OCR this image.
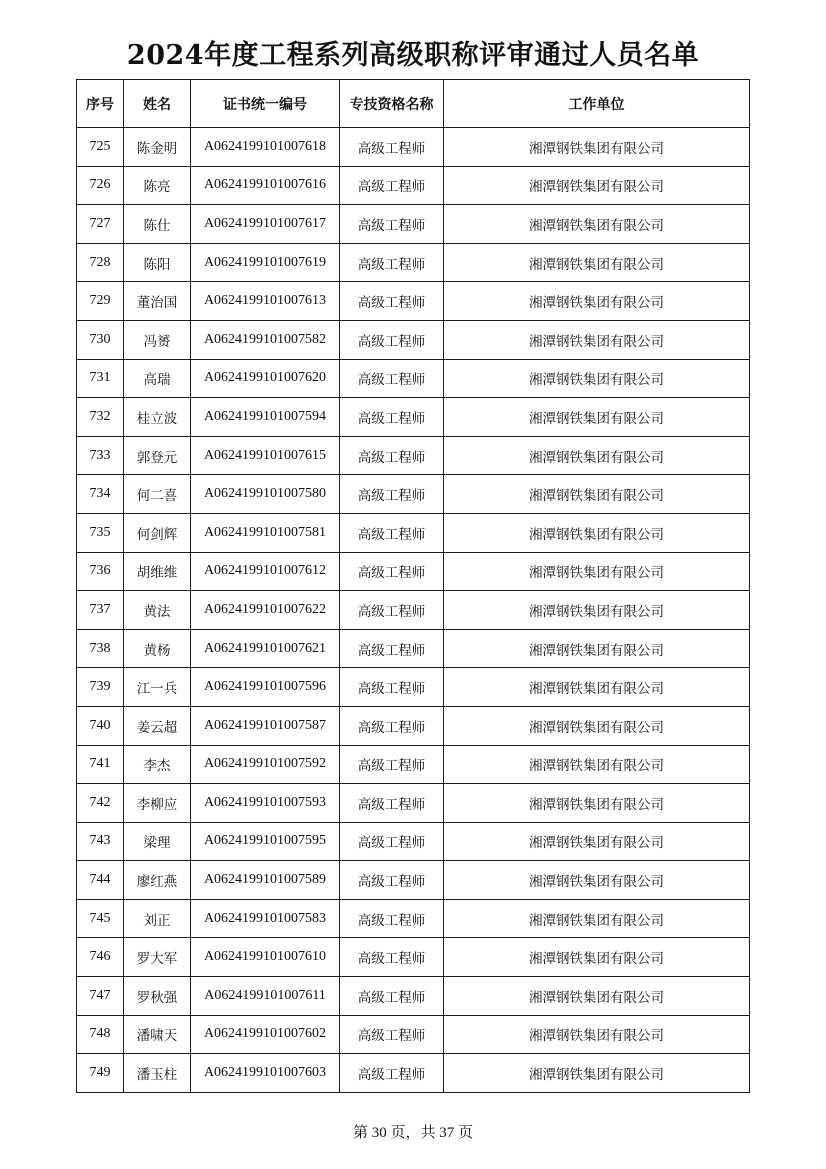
2024年度工程系列高级职称评审通过人员名单
序号	姓名	证书统一编号	专技资格名称	工作单位
725	陈金明	A0624199101007618	高级工程师	湘潭钢铁集团有限公司
726	陈亮	A0624199101007616	高级工程师	湘潭钢铁集团有限公司
727	陈仕	A0624199101007617	高级工程师	湘潭钢铁集团有限公司
728	陈阳	A0624199101007619	高级工程师	湘潭钢铁集团有限公司
729	董治国	A0624199101007613	高级工程师	湘潭钢铁集团有限公司
730	冯赟	A0624199101007582	高级工程师	湘潭钢铁集团有限公司
731	高瑞	A0624199101007620	高级工程师	湘潭钢铁集团有限公司
732	桂立波	A0624199101007594	高级工程师	湘潭钢铁集团有限公司
733	郭登元	A0624199101007615	高级工程师	湘潭钢铁集团有限公司
734	何二喜	A0624199101007580	高级工程师	湘潭钢铁集团有限公司
735	何剑辉	A0624199101007581	高级工程师	湘潭钢铁集团有限公司
736	胡维维	A0624199101007612	高级工程师	湘潭钢铁集团有限公司
737	黄法	A0624199101007622	高级工程师	湘潭钢铁集团有限公司
738	黄杨	A0624199101007621	高级工程师	湘潭钢铁集团有限公司
739	江一兵	A0624199101007596	高级工程师	湘潭钢铁集团有限公司
740	姜云超	A0624199101007587	高级工程师	湘潭钢铁集团有限公司
741	李杰	A0624199101007592	高级工程师	湘潭钢铁集团有限公司
742	李柳应	A0624199101007593	高级工程师	湘潭钢铁集团有限公司
743	梁理	A0624199101007595	高级工程师	湘潭钢铁集团有限公司
744	廖红燕	A0624199101007589	高级工程师	湘潭钢铁集团有限公司
745	刘正	A0624199101007583	高级工程师	湘潭钢铁集团有限公司
746	罗大军	A0624199101007610	高级工程师	湘潭钢铁集团有限公司
747	罗秋强	A0624199101007611	高级工程师	湘潭钢铁集团有限公司
748	潘啸天	A0624199101007602	高级工程师	湘潭钢铁集团有限公司
749	潘玉柱	A0624199101007603	高级工程师	湘潭钢铁集团有限公司
第 30 页，共 37 页
